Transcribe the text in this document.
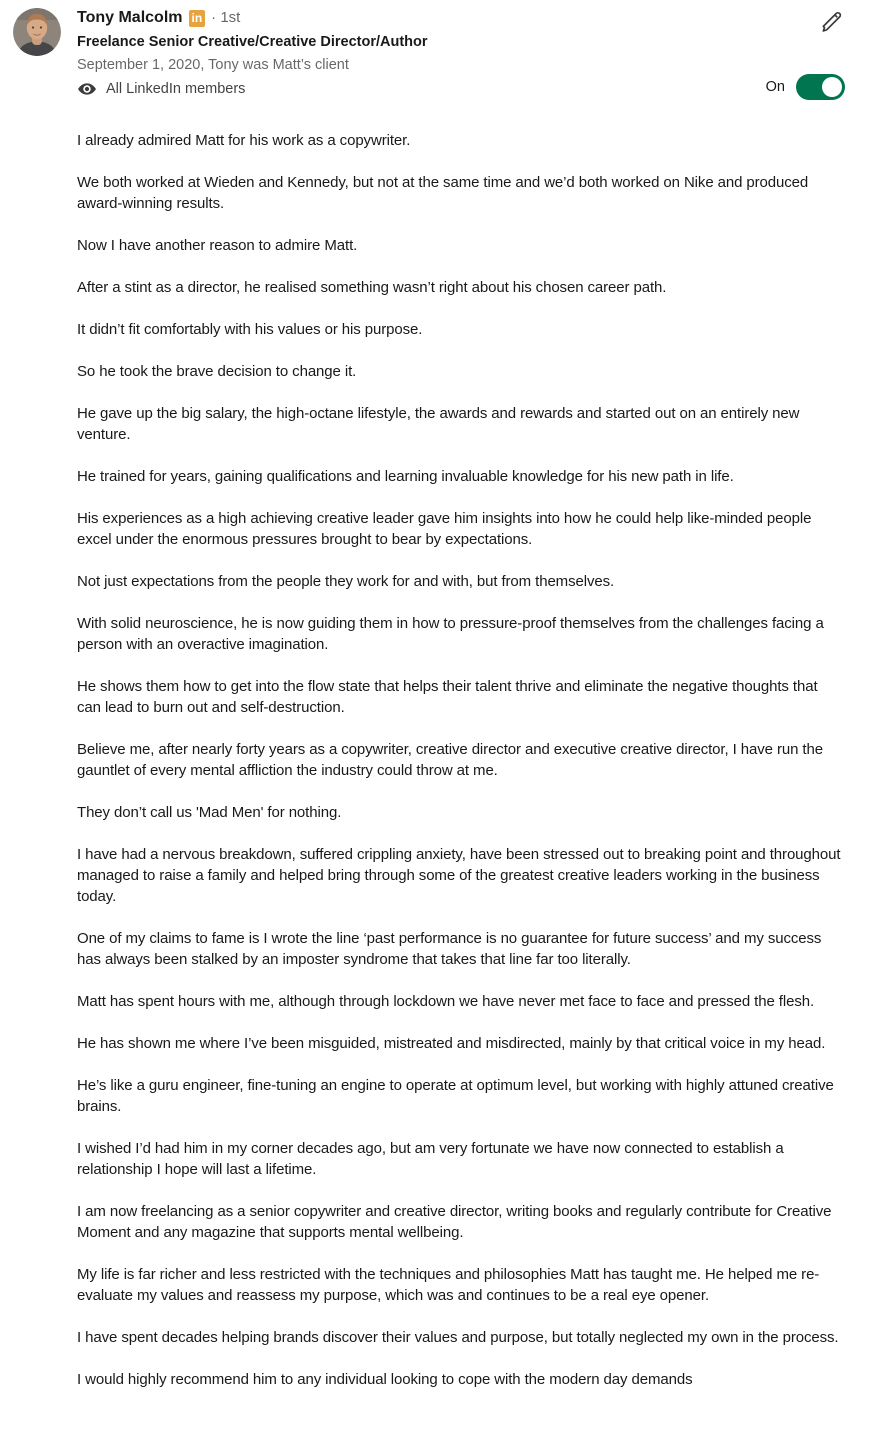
Tony Malcolm in · 1st
Freelance Senior Creative/Creative Director/Author
September 1, 2020, Tony was Matt’s client
All LinkedIn members	On

I already admired Matt for his work as a copywriter.

We both worked at Wieden and Kennedy, but not at the same time and we’d both worked on Nike and produced award-winning results.

Now I have another reason to admire Matt.

After a stint as a director, he realised something wasn’t right about his chosen career path.

It didn’t fit comfortably with his values or his purpose.

So he took the brave decision to change it.

He gave up the big salary, the high-octane lifestyle, the awards and rewards and started out on an entirely new venture.

He trained for years, gaining qualifications and learning invaluable knowledge for his new path in life.

His experiences as a high achieving creative leader gave him insights into how he could help like-minded people excel under the enormous pressures brought to bear by expectations.

Not just expectations from the people they work for and with, but from themselves.

With solid neuroscience, he is now guiding them in how to pressure-proof themselves from the challenges facing a person with an overactive imagination.

He shows them how to get into the flow state that helps their talent thrive and eliminate the negative thoughts that can lead to burn out and self-destruction.

Believe me, after nearly forty years as a copywriter, creative director and executive creative director, I have run the gauntlet of every mental affliction the industry could throw at me.

They don’t call us 'Mad Men' for nothing.

I have had a nervous breakdown, suffered crippling anxiety, have been stressed out to breaking point and throughout managed to raise a family and helped bring through some of the greatest creative leaders working in the business today.

One of my claims to fame is I wrote the line ‘past performance is no guarantee for future success’ and my success has always been stalked by an imposter syndrome that takes that line far too literally.

Matt has spent hours with me, although through lockdown we have never met face to face and pressed the flesh.

He has shown me where I’ve been misguided, mistreated and misdirected, mainly by that critical voice in my head.

He’s like a guru engineer, fine-tuning an engine to operate at optimum level, but working with highly attuned creative brains.

I wished I’d had him in my corner decades ago, but am very fortunate we have now connected to establish a relationship I hope will last a lifetime.

I am now freelancing as a senior copywriter and creative director, writing books and regularly contribute for Creative Moment and any magazine that supports mental wellbeing.

My life is far richer and less restricted with the techniques and philosophies Matt has taught me. He helped me re-evaluate my values and reassess my purpose, which was and continues to be a real eye opener.

I have spent decades helping brands discover their values and purpose, but totally neglected my own in the process.

I would highly recommend him to any individual looking to cope with the modern day demands
